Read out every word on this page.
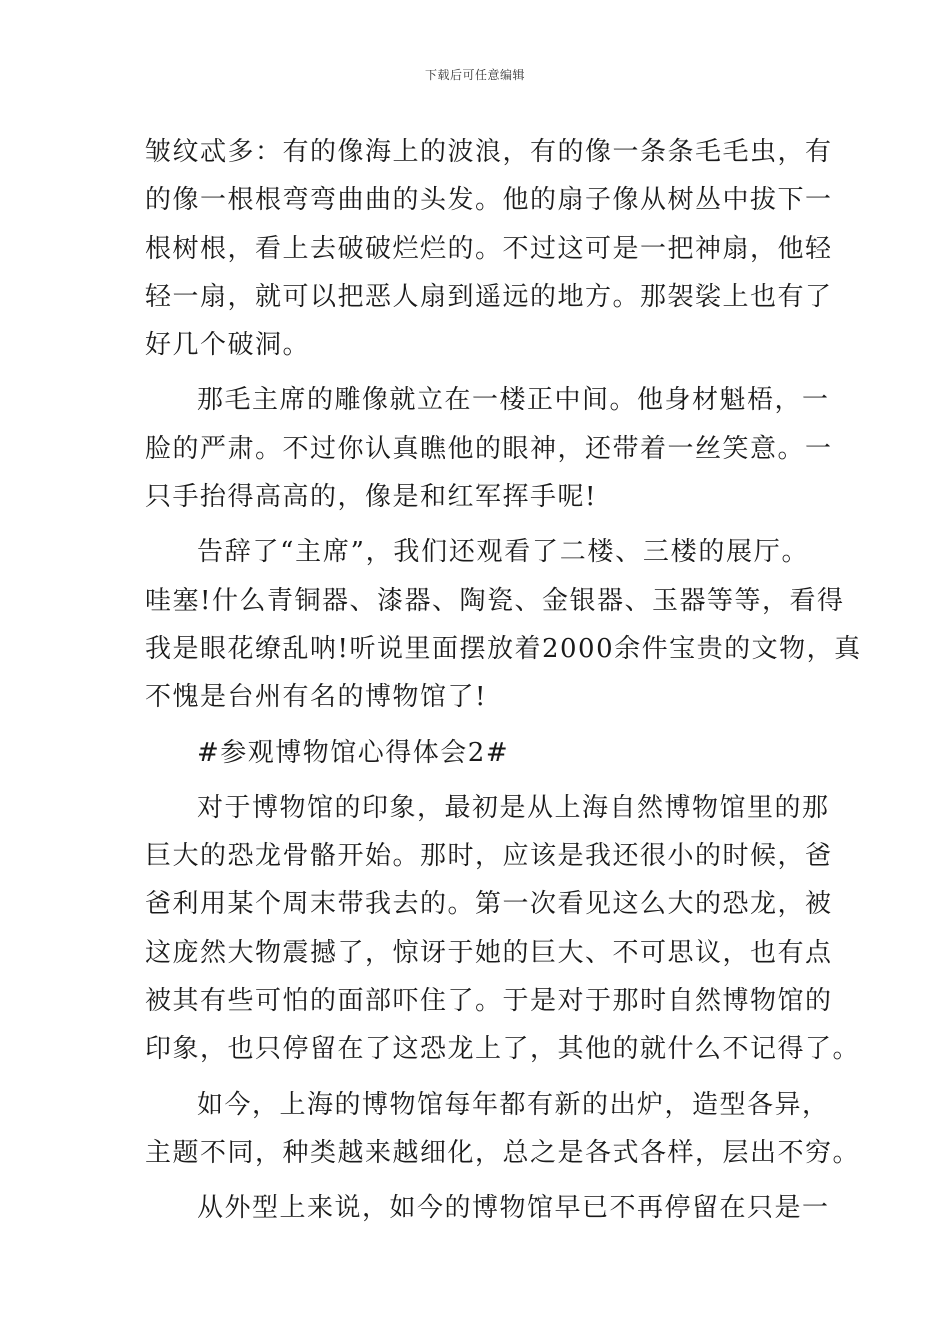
下载后可任意编辑
皱纹忒多：有的像海上的波浪，有的像一条条毛毛虫，有
的像一根根弯弯曲曲的头发。他的扇子像从树丛中拔下一
根树根，看上去破破烂烂的。不过这可是一把神扇，他轻
轻一扇，就可以把恶人扇到遥远的地方。那袈裟上也有了
好几个破洞。
那毛主席的雕像就立在一楼正中间。他身材魁梧，一
脸的严肃。不过你认真瞧他的眼神，还带着一丝笑意。一
只手抬得高高的，像是和红军挥手呢!
告辞了“主席”，我们还观看了二楼、三楼的展厅。
哇塞!什么青铜器、漆器、陶瓷、金银器、玉器等等，看得
我是眼花缭乱呐!听说里面摆放着2000余件宝贵的文物，真
不愧是台州有名的博物馆了!
#参观博物馆心得体会2#
对于博物馆的印象，最初是从上海自然博物馆里的那
巨大的恐龙骨骼开始。那时，应该是我还很小的时候，爸
爸利用某个周末带我去的。第一次看见这么大的恐龙，被
这庞然大物震撼了，惊讶于她的巨大、不可思议，也有点
被其有些可怕的面部吓住了。于是对于那时自然博物馆的
印象，也只停留在了这恐龙上了，其他的就什么不记得了。
如今，上海的博物馆每年都有新的出炉，造型各异，
主题不同，种类越来越细化，总之是各式各样，层出不穷。
从外型上来说，如今的博物馆早已不再停留在只是一
